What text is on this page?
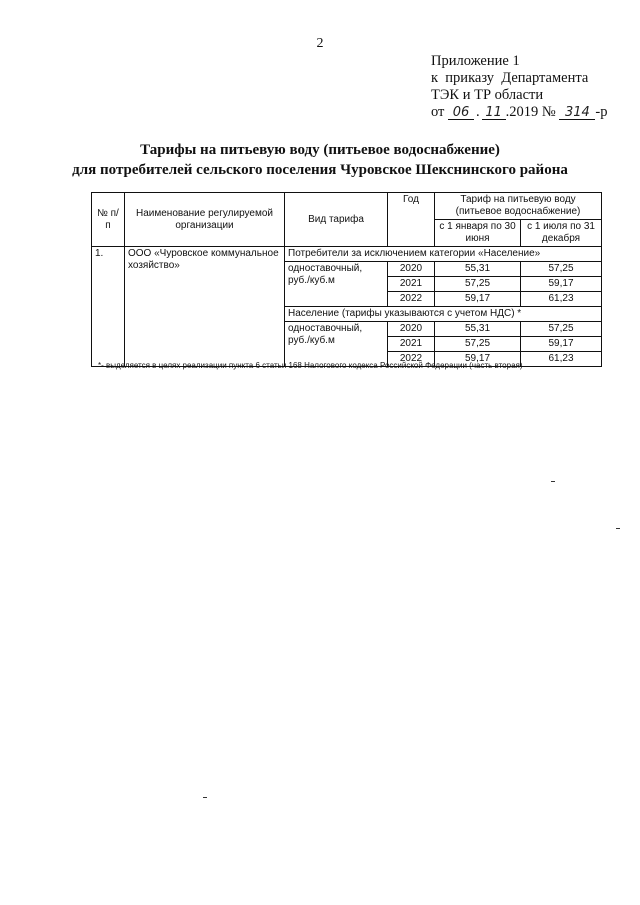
2
Приложение 1
к  приказу  Департамента
ТЭК и ТР области
от
06 . 11 .2019 №
314 -р
Тарифы на питьевую воду (питьевое водоснабжение)
для потребителей сельского поселения Чуровское Шекснинского района
№ п/п	Наименование регулируемой организации	Вид тарифа	Год	Тариф на питьевую воду (питьевое водоснабжение)	
				с 1 января по 30 июня	с 1 июля по 31 декабря
1.	ООО «Чуровское коммунальное хозяйство»	Потребители за исключением категории «Население»			
		одноставочный, руб./куб.м	2020	55,31	57,25
			2021	57,25	59,17
			2022	59,17	61,23
		Население (тарифы указываются с учетом НДС) *			
		одноставочный, руб./куб.м	2020	55,31	57,25
			2021	57,25	59,17
			2022	59,17	61,23
*- выделяется в целях реализации пункта 6 статьи 168 Налогового кодекса Российской Федерации (часть вторая)
